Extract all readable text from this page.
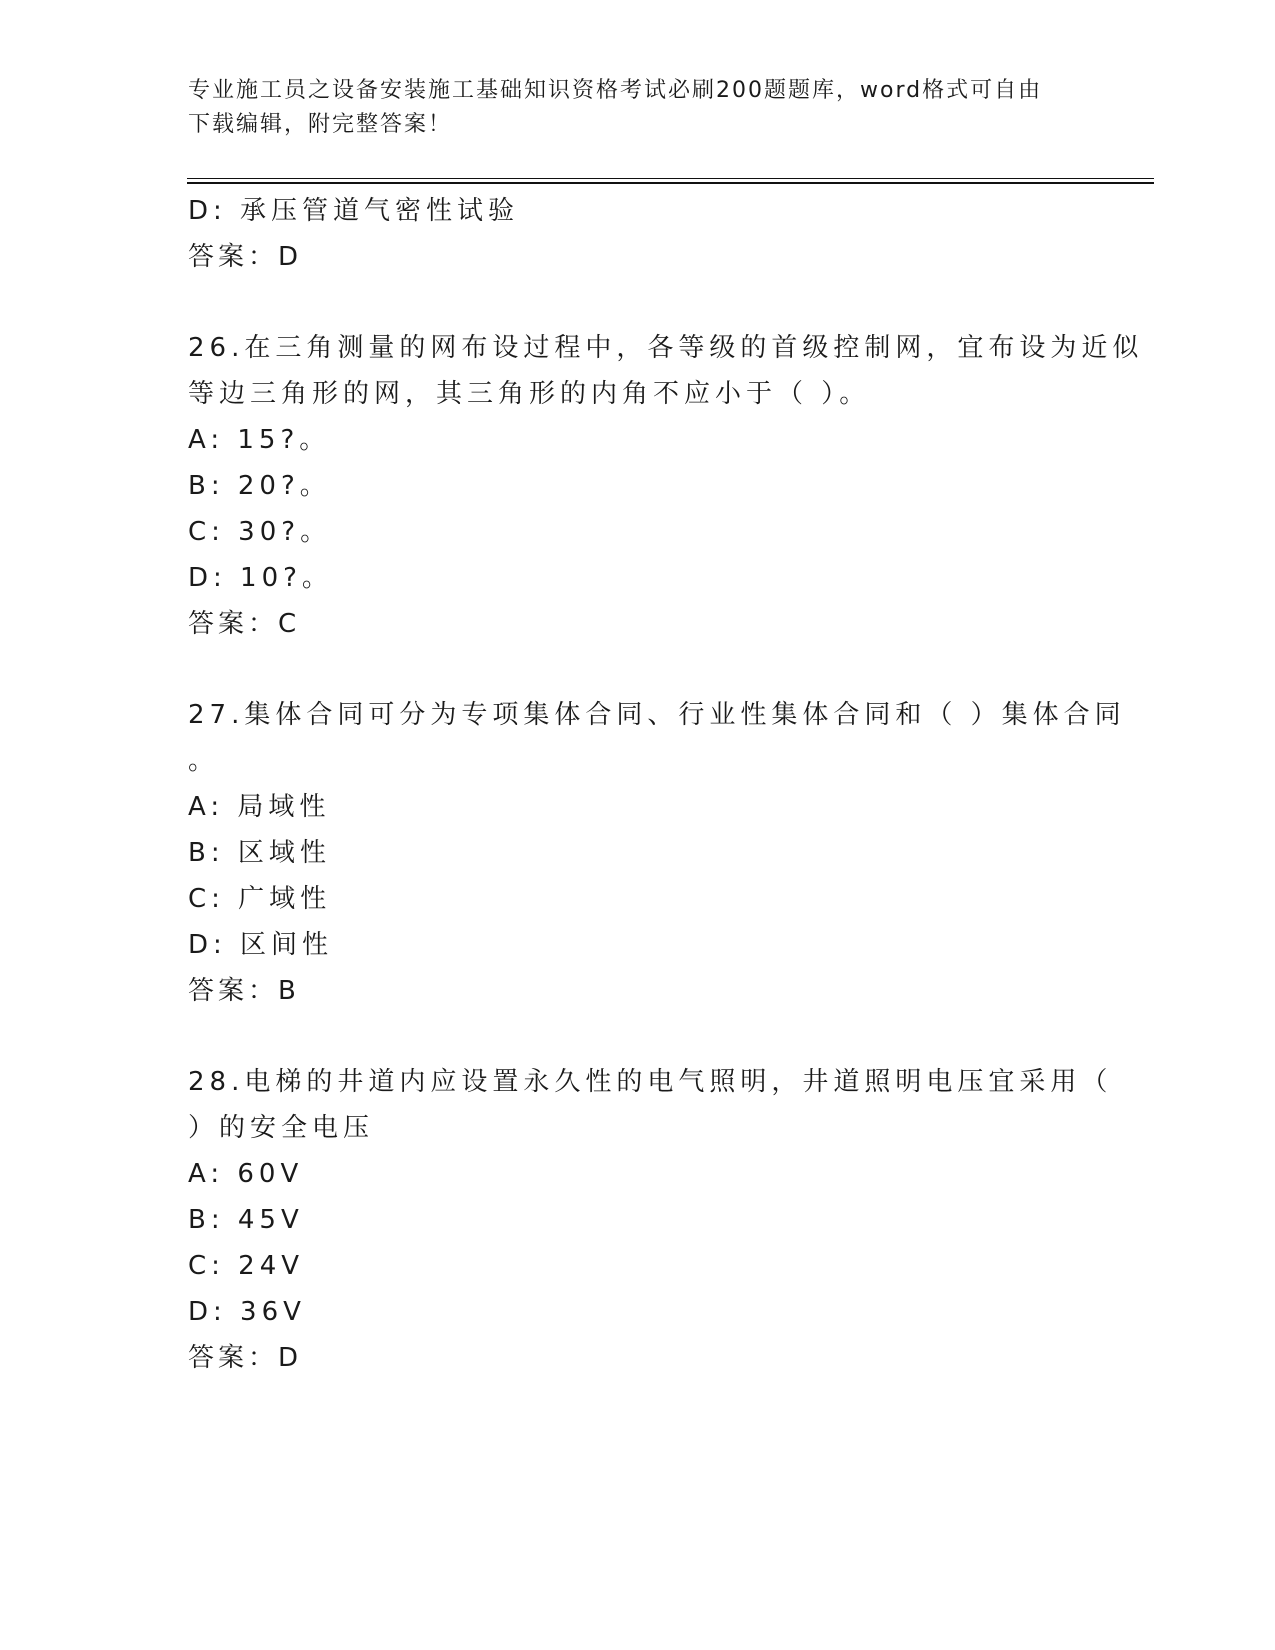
专业施工员之设备安装施工基础知识资格考试必刷200题题库，word格式可自由
下载编辑，附完整答案！
D: 承压管道气密性试验
答案：D
26.在三角测量的网布设过程中，各等级的首级控制网，宜布设为近似
等边三角形的网，其三角形的内角不应小于（ ）。
A: 15?。
B: 20?。
C: 30?。
D: 10?。
答案：C
27.集体合同可分为专项集体合同、行业性集体合同和（ ）集体合同
。
A: 局域性
B: 区域性
C: 广域性
D: 区间性
答案：B
28.电梯的井道内应设置永久性的电气照明，井道照明电压宜采用（
）的安全电压
A: 60V
B: 45V
C: 24V
D: 36V
答案：D
